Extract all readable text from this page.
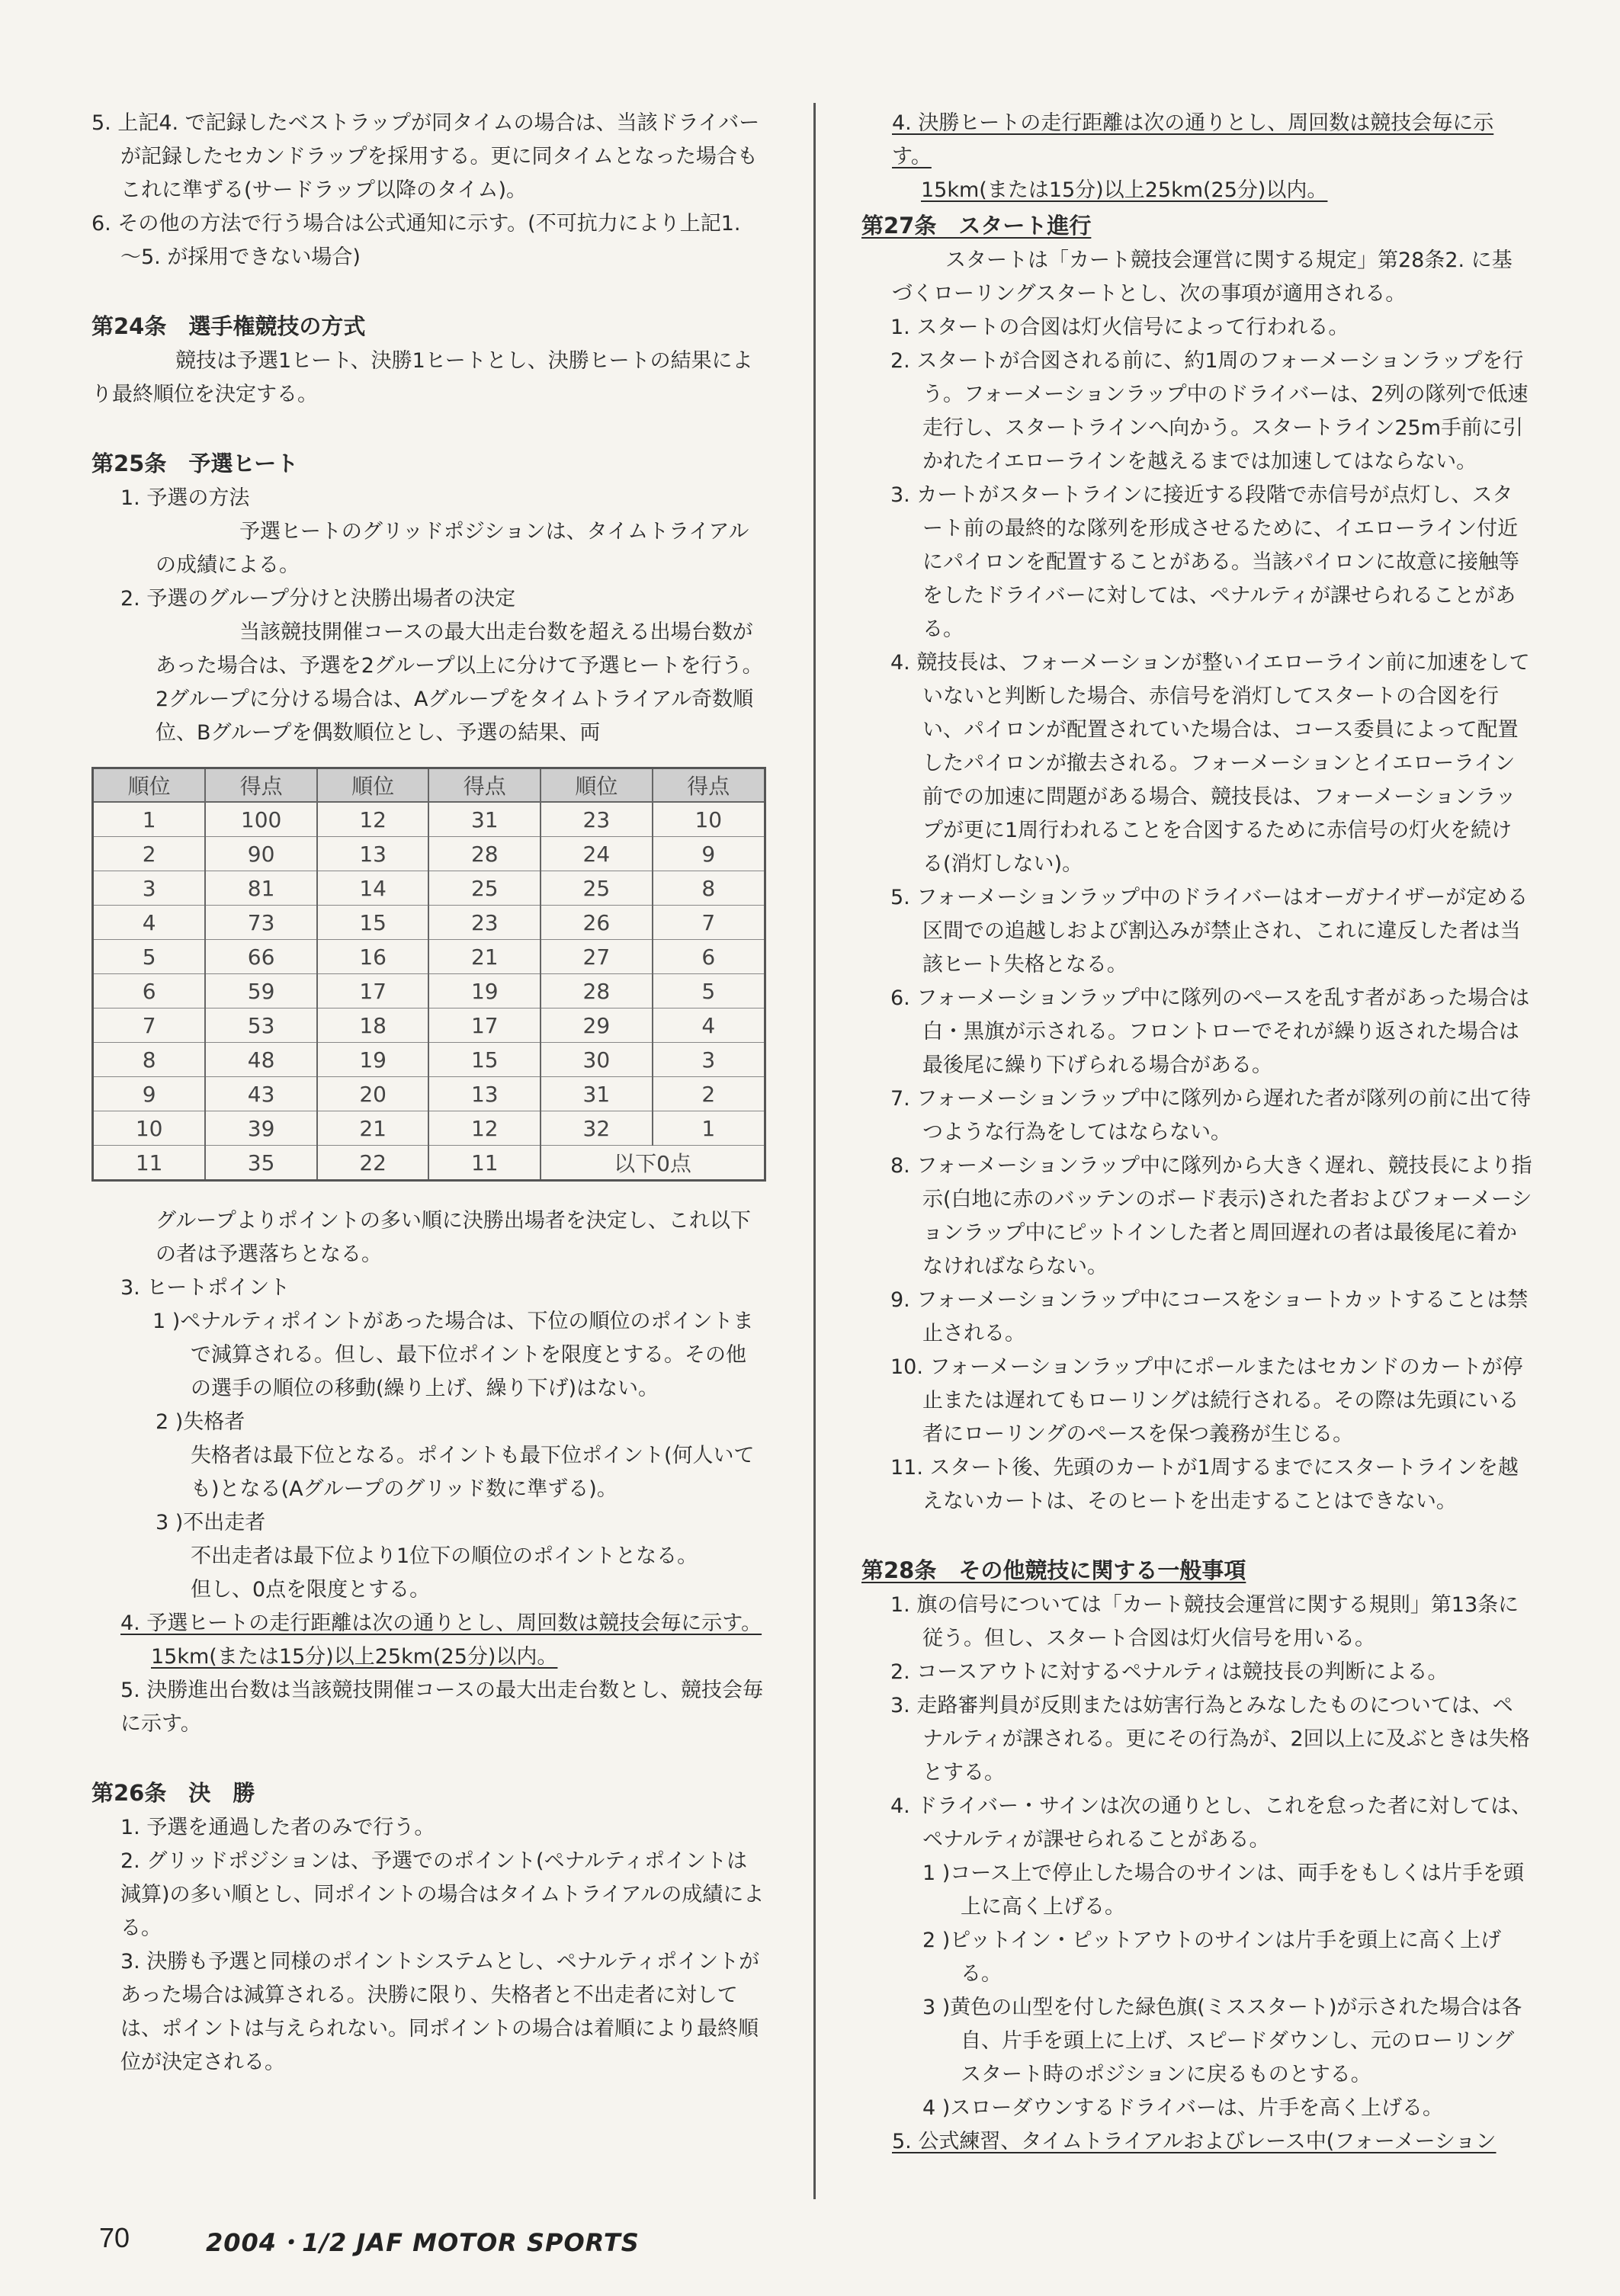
5. 上記4. で記録したベストラップが同タイムの場合は、当該ドライバーが記録したセカンドラップを採用する。更に同タイムとなった場合もこれに準ずる(サードラップ以降のタイム)。

6. その他の方法で行う場合は公式通知に示す。(不可抗力により上記1. ～5. が採用できない場合)

第24条　選手権競技の方式

競技は予選1ヒート、決勝1ヒートとし、決勝ヒートの結果により最終順位を決定する。

第25条　予選ヒート

1. 予選の方法

予選ヒートのグリッドポジションは、タイムトライアルの成績による。

2. 予選のグループ分けと決勝出場者の決定

当該競技開催コースの最大出走台数を超える出場台数があった場合は、予選を2グループ以上に分けて予選ヒートを行う。2グループに分ける場合は、Aグループをタイムトライアル奇数順位、Bグループを偶数順位とし、予選の結果、両

順位	得点	順位	得点	順位	得点
1	100	12	31	23	10
2	90	13	28	24	9
3	81	14	25	25	8
4	73	15	23	26	7
5	66	16	21	27	6
6	59	17	19	28	5
7	53	18	17	29	4
8	48	19	15	30	3
9	43	20	13	31	2
10	39	21	12	32	1
11	35	22	11	以下0点	

グループよりポイントの多い順に決勝出場者を決定し、これ以下の者は予選落ちとなる。

3. ヒートポイント

1 )ペナルティポイントがあった場合は、下位の順位のポイントまで減算される。但し、最下位ポイントを限度とする。その他の選手の順位の移動(繰り上げ、繰り下げ)はない。

2 )失格者

失格者は最下位となる。ポイントも最下位ポイント(何人いても)となる(Aグループのグリッド数に準ずる)。

3 )不出走者

不出走者は最下位より1位下の順位のポイントとなる。

但し、0点を限度とする。

4. 予選ヒートの走行距離は次の通りとし、周回数は競技会毎に示す。

15km(または15分)以上25km(25分)以内。

5. 決勝進出台数は当該競技開催コースの最大出走台数とし、競技会毎に示す。

第26条　決　勝

1. 予選を通過した者のみで行う。

2. グリッドポジションは、予選でのポイント(ペナルティポイントは減算)の多い順とし、同ポイントの場合はタイムトライアルの成績による。

3. 決勝も予選と同様のポイントシステムとし、ペナルティポイントがあった場合は減算される。決勝に限り、失格者と不出走者に対しては、ポイントは与えられない。同ポイントの場合は着順により最終順位が決定される。

4. 決勝ヒートの走行距離は次の通りとし、周回数は競技会毎に示す。

15km(または15分)以上25km(25分)以内。

第27条　スタート進行

スタートは「カート競技会運営に関する規定」第28条2. に基づくローリングスタートとし、次の事項が適用される。

1. スタートの合図は灯火信号によって行われる。

2. スタートが合図される前に、約1周のフォーメーションラップを行う。フォーメーションラップ中のドライバーは、2列の隊列で低速走行し、スタートラインへ向かう。スタートライン25m手前に引かれたイエローラインを越えるまでは加速してはならない。

3. カートがスタートラインに接近する段階で赤信号が点灯し、スタート前の最終的な隊列を形成させるために、イエローライン付近にパイロンを配置することがある。当該パイロンに故意に接触等をしたドライバーに対しては、ペナルティが課せられることがある。

4. 競技長は、フォーメーションが整いイエローライン前に加速をしていないと判断した場合、赤信号を消灯してスタートの合図を行い、パイロンが配置されていた場合は、コース委員によって配置したパイロンが撤去される。フォーメーションとイエローライン前での加速に問題がある場合、競技長は、フォーメーションラップが更に1周行われることを合図するために赤信号の灯火を続ける(消灯しない)。

5. フォーメーションラップ中のドライバーはオーガナイザーが定める区間での追越しおよび割込みが禁止され、これに違反した者は当該ヒート失格となる。

6. フォーメーションラップ中に隊列のペースを乱す者があった場合は 白・黒旗が示される。フロントローでそれが繰り返された場合は最後尾に繰り下げられる場合がある。

7. フォーメーションラップ中に隊列から遅れた者が隊列の前に出て待つような行為をしてはならない。

8. フォーメーションラップ中に隊列から大きく遅れ、競技長により指示(白地に赤のバッテンのボード表示)された者およびフォーメーションラップ中にピットインした者と周回遅れの者は最後尾に着かなければならない。

9. フォーメーションラップ中にコースをショートカットすることは禁止される。

10. フォーメーションラップ中にポールまたはセカンドのカートが停止または遅れてもローリングは続行される。その際は先頭にいる者にローリングのペースを保つ義務が生じる。

11. スタート後、先頭のカートが1周するまでにスタートラインを越えないカートは、そのヒートを出走することはできない。

第28条　その他競技に関する一般事項

1. 旗の信号については「カート競技会運営に関する規則」第13条に従う。但し、スタート合図は灯火信号を用いる。

2. コースアウトに対するペナルティは競技長の判断による。

3. 走路審判員が反則または妨害行為とみなしたものについては、ペナルティが課される。更にその行為が、2回以上に及ぶときは失格とする。

4. ドライバー・サインは次の通りとし、これを怠った者に対しては、ペナルティが課せられることがある。

1 )コース上で停止した場合のサインは、両手をもしくは片手を頭上に高く上げる。

2 )ピットイン・ピットアウトのサインは片手を頭上に高く上げる。

3 )黄色の山型を付した緑色旗(ミススタート)が示された場合は各自、片手を頭上に上げ、スピードダウンし、元のローリングスタート時のポジションに戻るものとする。

4 )スローダウンするドライバーは、片手を高く上げる。

5. 公式練習、タイムトライアルおよびレース中(フォーメーション

70	2004・1/2 JAF MOTOR SPORTS
